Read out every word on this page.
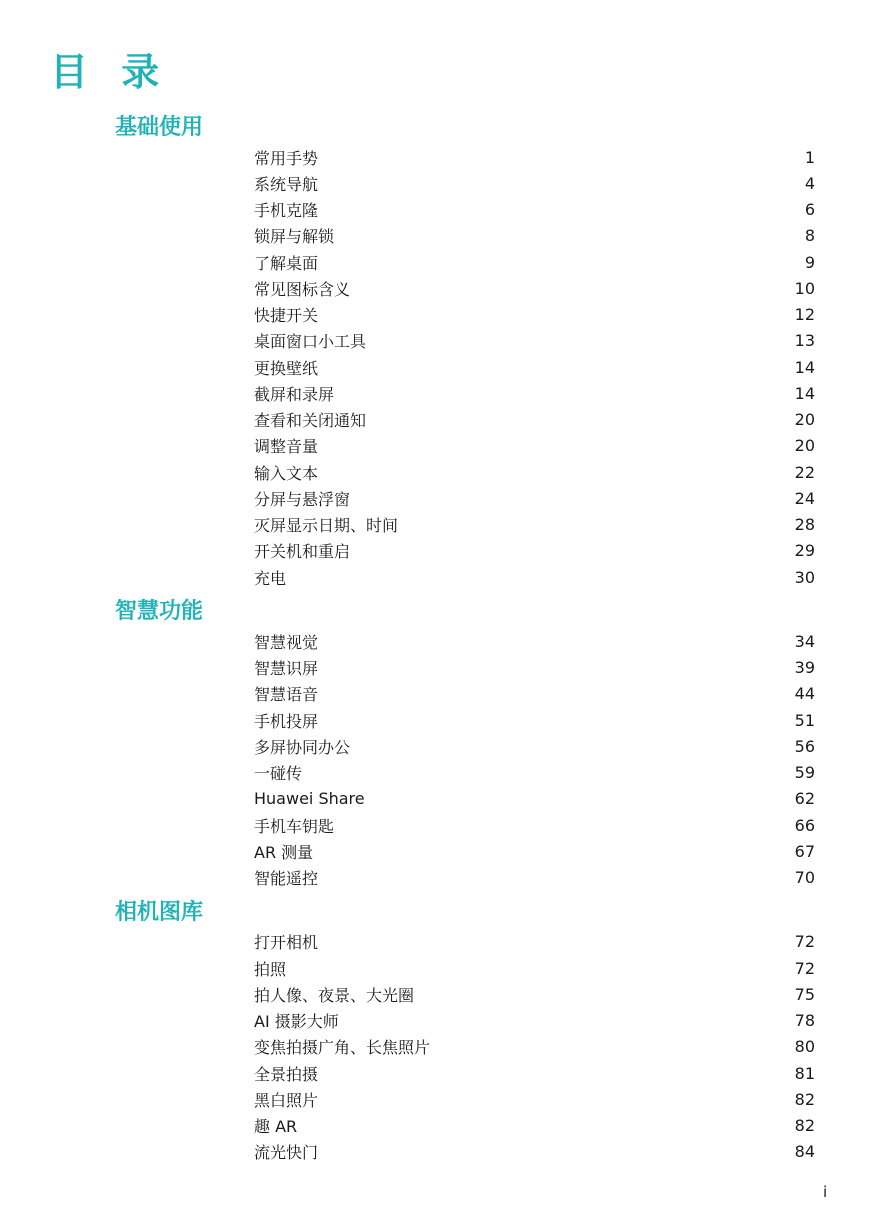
目 录
基础使用
常用手势	1
系统导航	4
手机克隆	6
锁屏与解锁	8
了解桌面	9
常见图标含义	10
快捷开关	12
桌面窗口小工具	13
更换壁纸	14
截屏和录屏	14
查看和关闭通知	20
调整音量	20
输入文本	22
分屏与悬浮窗	24
灭屏显示日期、时间	28
开关机和重启	29
充电	30
智慧功能
智慧视觉	34
智慧识屏	39
智慧语音	44
手机投屏	51
多屏协同办公	56
一碰传	59
Huawei Share	62
手机车钥匙	66
AR 测量	67
智能遥控	70
相机图库
打开相机	72
拍照	72
拍人像、夜景、大光圈	75
AI 摄影大师	78
变焦拍摄广角、长焦照片	80
全景拍摄	81
黑白照片	82
趣 AR	82
流光快门	84
i
